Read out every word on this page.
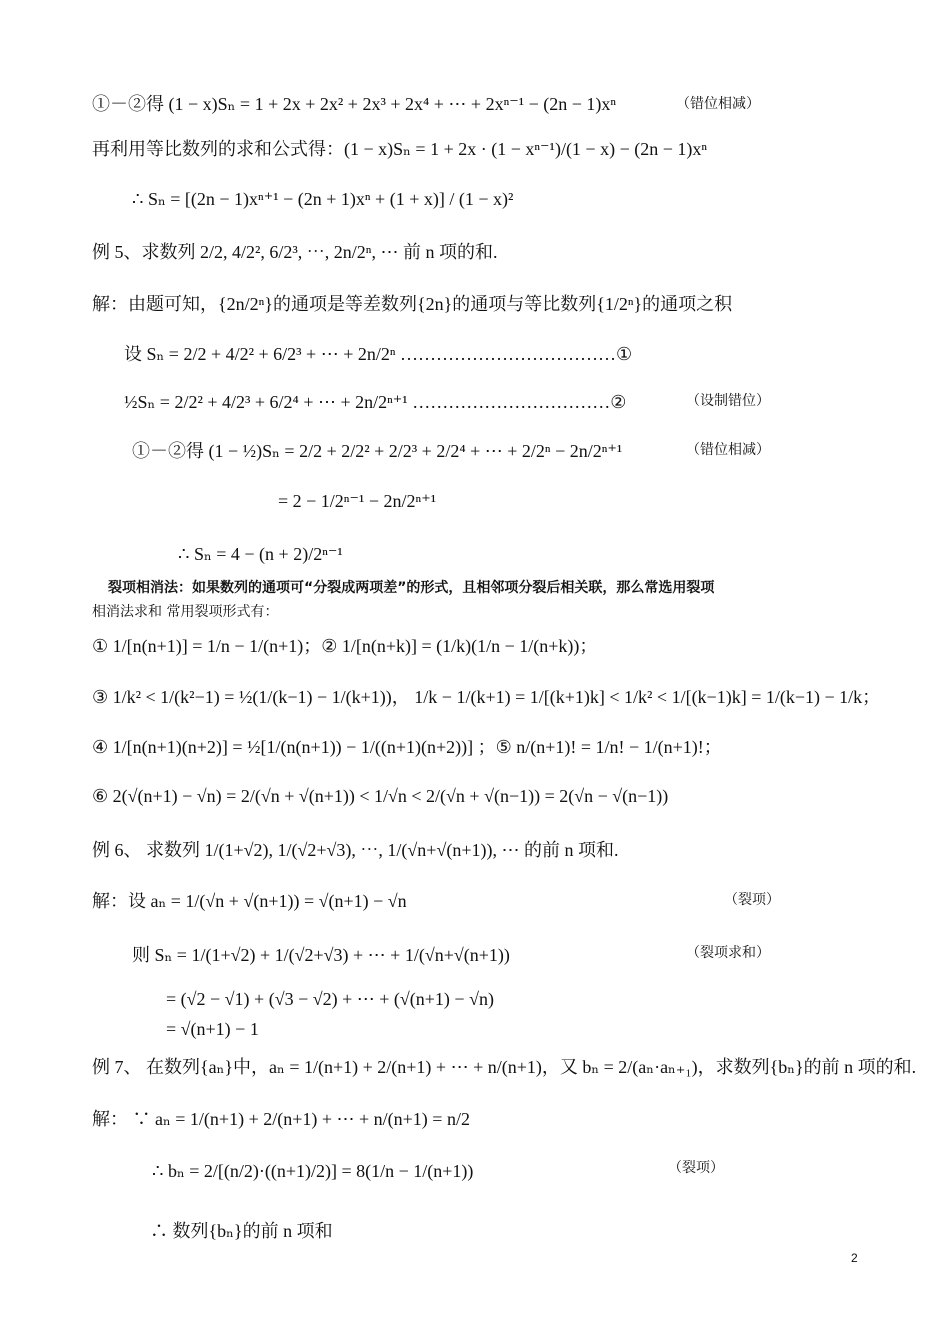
①－②得 (1 − x)Sₙ = 1 + 2x + 2x² + 2x³ + 2x⁴ + ⋯ + 2xⁿ⁻¹ − (2n − 1)xⁿ	（错位相减）
再利用等比数列的求和公式得：(1 − x)Sₙ = 1 + 2x · (1 − xⁿ⁻¹)/(1 − x) − (2n − 1)xⁿ
∴ Sₙ = [(2n − 1)xⁿ⁺¹ − (2n + 1)xⁿ + (1 + x)] / (1 − x)²
例 5、求数列 2/2, 4/2², 6/2³, ⋯, 2n/2ⁿ, ⋯ 前 n 项的和.
解：由题可知，{2n/2ⁿ}的通项是等差数列{2n}的通项与等比数列{1/2ⁿ}的通项之积
设 Sₙ = 2/2 + 4/2² + 6/2³ + ⋯ + 2n/2ⁿ ………………………………①
½Sₙ = 2/2² + 4/2³ + 6/2⁴ + ⋯ + 2n/2ⁿ⁺¹ ……………………………②	（设制错位）
①－②得 (1 − ½)Sₙ = 2/2 + 2/2² + 2/2³ + 2/2⁴ + ⋯ + 2/2ⁿ − 2n/2ⁿ⁺¹	（错位相减）
= 2 − 1/2ⁿ⁻¹ − 2n/2ⁿ⁺¹
∴ Sₙ = 4 − (n + 2)/2ⁿ⁻¹
裂项相消法：如果数列的通项可“分裂成两项差”的形式，且相邻项分裂后相关联，那么常选用裂项
相消法求和 常用裂项形式有：
① 1/[n(n+1)] = 1/n − 1/(n+1)；② 1/[n(n+k)] = (1/k)(1/n − 1/(n+k))；
③ 1/k² < 1/(k²−1) = ½(1/(k−1) − 1/(k+1))， 1/k − 1/(k+1) = 1/[(k+1)k] < 1/k² < 1/[(k−1)k] = 1/(k−1) − 1/k；
④ 1/[n(n+1)(n+2)] = ½[1/(n(n+1)) − 1/((n+1)(n+2))] ；⑤ n/(n+1)! = 1/n! − 1/(n+1)!；
⑥ 2(√(n+1) − √n) = 2/(√n + √(n+1)) < 1/√n < 2/(√n + √(n−1)) = 2(√n − √(n−1))
例 6、 求数列 1/(1+√2), 1/(√2+√3), ⋯, 1/(√n+√(n+1)), ⋯ 的前 n 项和.
解：设 aₙ = 1/(√n + √(n+1)) = √(n+1) − √n	（裂项）
则 Sₙ = 1/(1+√2) + 1/(√2+√3) + ⋯ + 1/(√n+√(n+1))	（裂项求和）
= (√2 − √1) + (√3 − √2) + ⋯ + (√(n+1) − √n)
= √(n+1) − 1
例 7、 在数列{aₙ}中，aₙ = 1/(n+1) + 2/(n+1) + ⋯ + n/(n+1)，又 bₙ = 2/(aₙ·aₙ₊₁)，求数列{bₙ}的前 n 项的和.
解： ∵ aₙ = 1/(n+1) + 2/(n+1) + ⋯ + n/(n+1) = n/2
∴ bₙ = 2/[(n/2)·((n+1)/2)] = 8(1/n − 1/(n+1))	（裂项）
∴ 数列{bₙ}的前 n 项和
2
